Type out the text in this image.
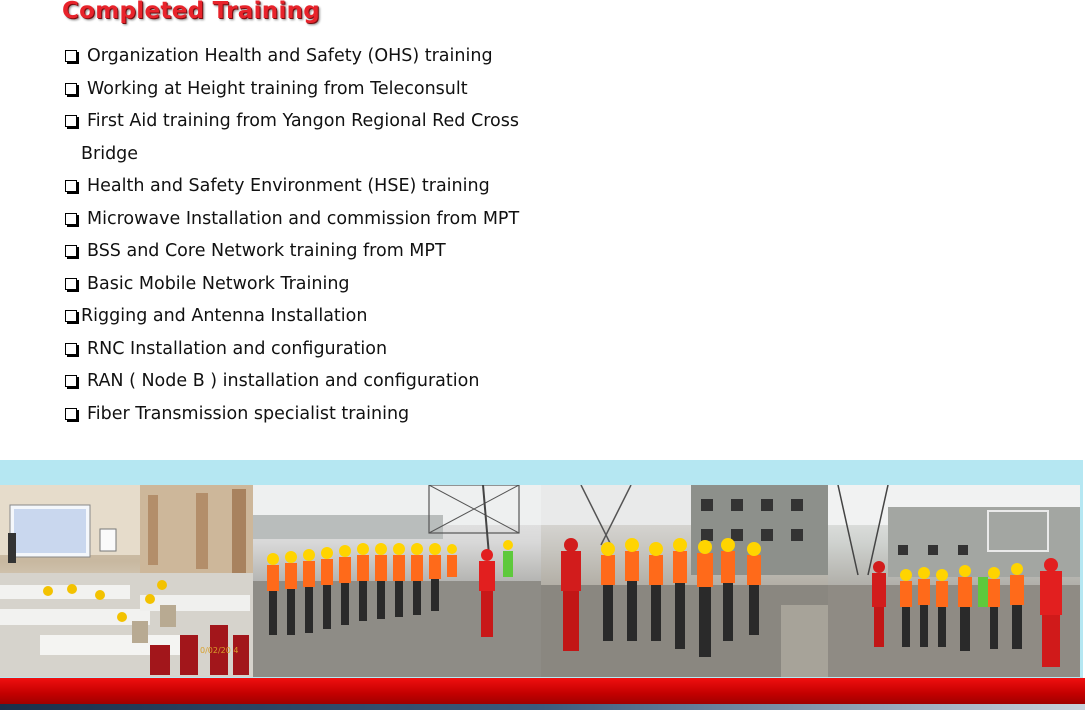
Completed Training
Organization Health and Safety (OHS) training
Working at Height training from Teleconsult
First Aid training from Yangon Regional Red Cross
Bridge
Health and Safety Environment (HSE) training
Microwave Installation and commission from MPT
BSS and Core Network training from MPT
Basic Mobile Network Training
Rigging and Antenna Installation
RNC Installation and configuration
RAN ( Node B ) installation and configuration
Fiber Transmission specialist training
0/02/20 4
